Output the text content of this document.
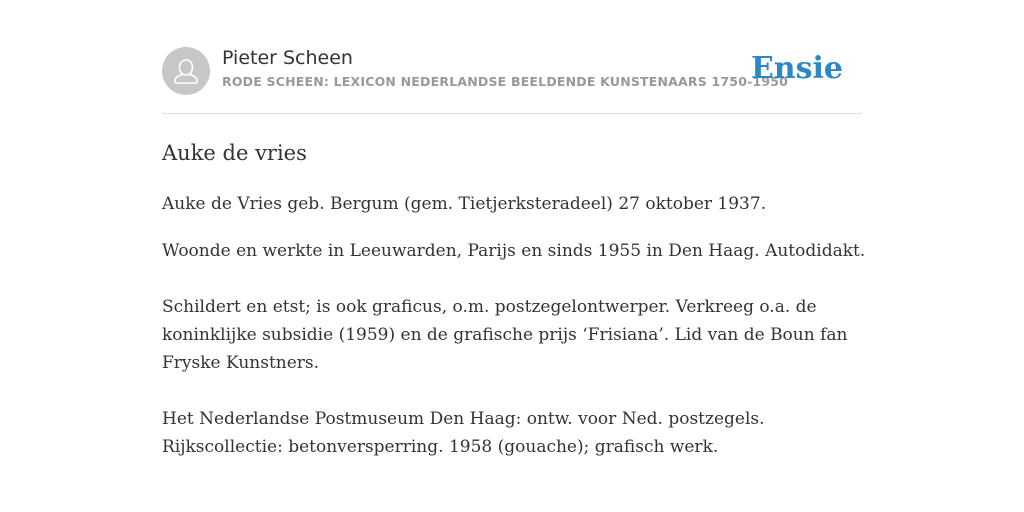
Pieter Scheen
RODE SCHEEN: LEXICON NEDERLANDSE BEELDENDE KUNSTENAARS 1750-1950
Ensie
Auke de vries

Auke de Vries geb. Bergum (gem. Tietjerksteradeel) 27 oktober 1937.

Woonde en werkte in Leeuwarden, Parijs en sinds 1955 in Den Haag. Autodidakt.

Schildert en etst; is ook graficus, o.m. postzegelontwerper. Verkreeg o.a. de koninklijke subsidie (1959) en de grafische prijs ‘Frisiana’. Lid van de Boun fan Fryske Kunstners.

Het Nederlandse Postmuseum Den Haag: ontw. voor Ned. postzegels. Rijkscollectie: betonversperring. 1958 (gouache); grafisch werk.
